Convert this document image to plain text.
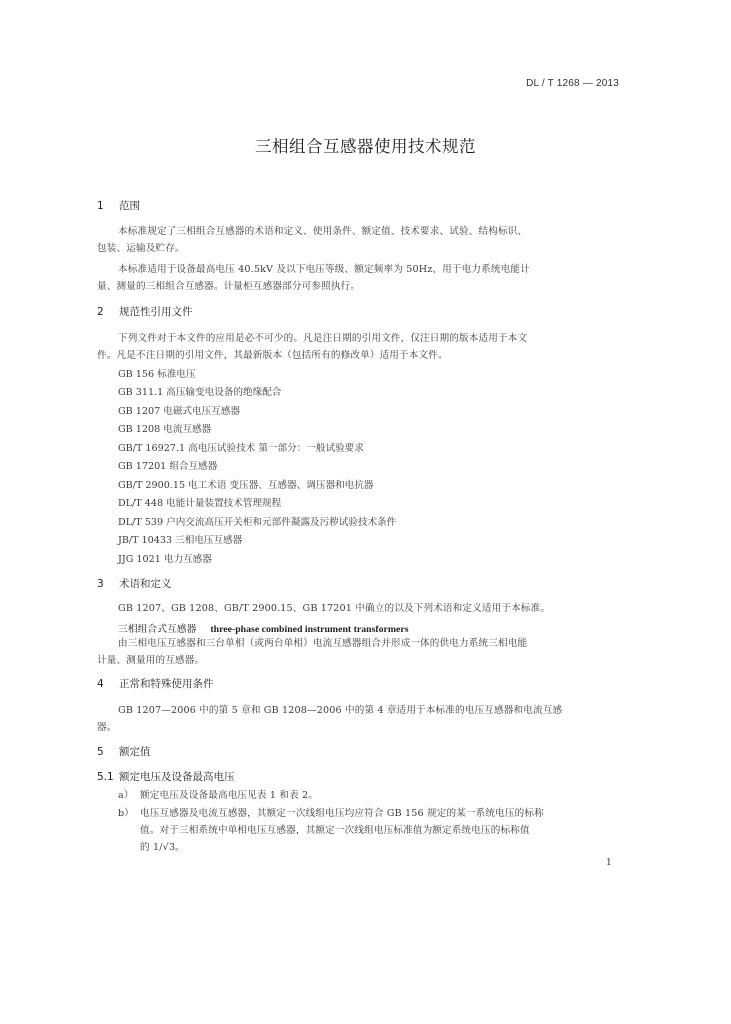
DL / T 1268 — 2013
三相组合互感器使用技术规范
1 范围
本标准规定了三相组合互感器的术语和定义、使用条件、额定值、技术要求、试验、结构标识、
包装、运输及贮存。
本标准适用于设备最高电压 40.5kV 及以下电压等级、额定频率为 50Hz、用于电力系统电能计
量、测量的三相组合互感器。计量柜互感器部分可参照执行。
2 规范性引用文件
下列文件对于本文件的应用是必不可少的。凡是注日期的引用文件，仅注日期的版本适用于本文
件。凡是不注日期的引用文件，其最新版本（包括所有的修改单）适用于本文件。
GB 156 标准电压
GB 311.1 高压输变电设备的绝缘配合
GB 1207 电磁式电压互感器
GB 1208 电流互感器
GB/T 16927.1 高电压试验技术 第一部分：一般试验要求
GB 17201 组合互感器
GB/T 2900.15 电工术语 变压器、互感器、调压器和电抗器
DL/T 448 电能计量装置技术管理规程
DL/T 539 户内交流高压开关柜和元部件凝露及污秽试验技术条件
JB/T 10433 三相电压互感器
JJG 1021 电力互感器
3 术语和定义
GB 1207、GB 1208、GB/T 2900.15、GB 17201 中确立的以及下列术语和定义适用于本标准。
三相组合式互感器 three-phase combined instrument transformers
由三相电压互感器和三台单相（或两台单相）电流互感器组合并形成一体的供电力系统三相电能
计量、测量用的互感器。
4 正常和特殊使用条件
GB 1207—2006 中的第 5 章和 GB 1208—2006 中的第 4 章适用于本标准的电压互感器和电流互感
器。
5 额定值
5.1 额定电压及设备最高电压
a） 额定电压及设备最高电压见表 1 和表 2。
b） 电压互感器及电流互感器，其额定一次线组电压均应符合 GB 156 规定的某一系统电压的标称
值。对于三相系统中单相电压互感器，其额定一次线组电压标准值为额定系统电压的标称值
的 1/√3。
1
